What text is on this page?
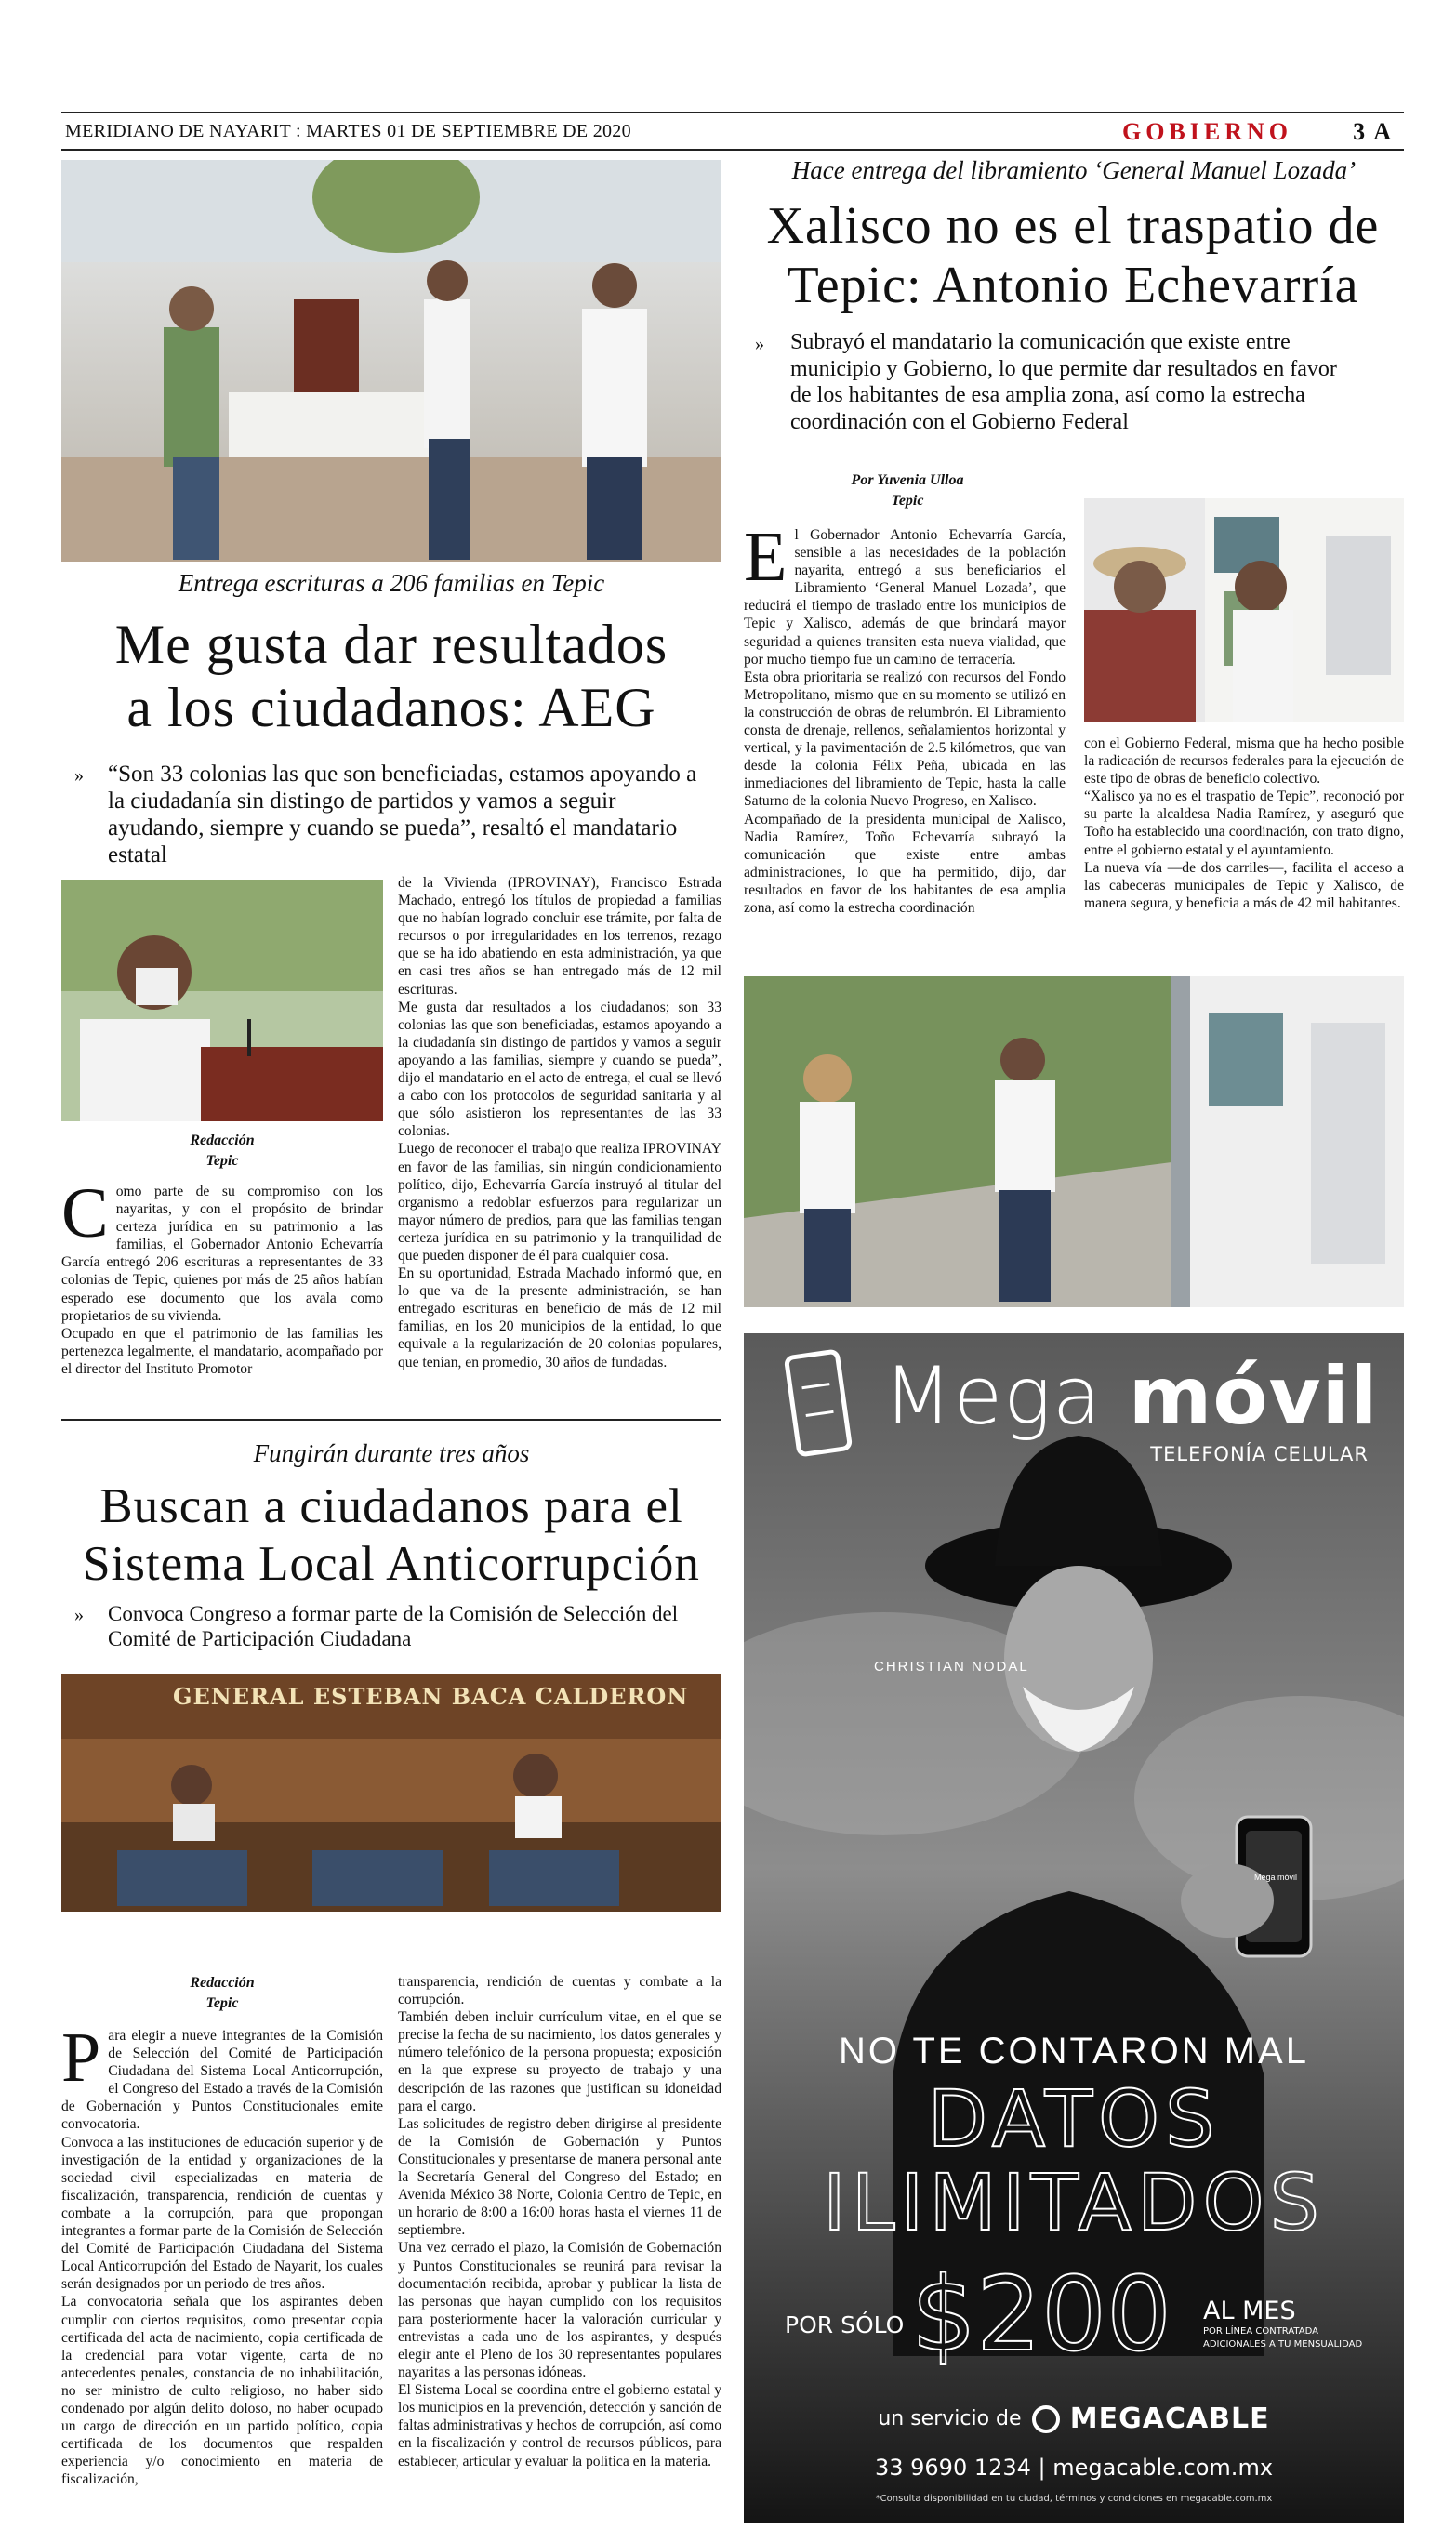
MERIDIANO DE NAYARIT : MARTES 01 DE SEPTIEMBRE DE 2020	GOBIERNO	3 A
Entrega escrituras a 206 familias en Tepic
Me gusta dar resultados
a los ciudadanos: AEG
» “Son 33 colonias las que son beneficiadas, estamos apoyando a la ciudadanía sin distingo de partidos y vamos a seguir ayudando, siempre y cuando se pueda”, resaltó el mandatario estatal
Redacción
Tepic
C omo parte de su compromiso con los nayaritas, y con el propósito de brindar certeza jurídica en su patrimonio a las familias, el Gobernador Antonio Echevarría García entregó 206 escrituras a representantes de 33 colonias de Tepic, quienes por más de 25 años habían esperado ese documento que los avala como propietarios de su vivienda.
Ocupado en que el patrimonio de las familias les pertenezca legalmente, el mandatario, acompañado por el director del Instituto Promotor
de la Vivienda (IPROVINAY), Francisco Estrada Machado, entregó los títulos de propiedad a familias que no habían logrado concluir ese trámite, por falta de recursos o por irregularidades en los terrenos, rezago que se ha ido abatiendo en esta administración, ya que en casi tres años se han entregado más de 12 mil escrituras.
Me gusta dar resultados a los ciudadanos; son 33 colonias las que son beneficiadas, estamos apoyando a la ciudadanía sin distingo de partidos y vamos a seguir apoyando a las familias, siempre y cuando se pueda”, dijo el mandatario en el acto de entrega, el cual se llevó a cabo con los protocolos de seguridad sanitaria y al que sólo asistieron los representantes de las 33 colonias.
Luego de reconocer el trabajo que realiza IPROVINAY en favor de las familias, sin ningún condicionamiento político, dijo, Echevarría García instruyó al titular del organismo a redoblar esfuerzos para regularizar un mayor número de predios, para que las familias tengan certeza jurídica en su patrimonio y la tranquilidad de que pueden disponer de él para cualquier cosa.
En su oportunidad, Estrada Machado informó que, en lo que va de la presente administración, se han entregado escrituras en beneficio de más de 12 mil familias, en los 20 municipios de la entidad, lo que equivale a la regularización de 20 colonias populares, que tenían, en promedio, 30 años de fundadas.
Fungirán durante tres años
Buscan a ciudadanos para el
Sistema Local Anticorrupción
» Convoca Congreso a formar parte de la Comisión de Selección del Comité de Participación Ciudadana
GENERAL ESTEBAN BACA CALDERON
Redacción
Tepic
P ara elegir a nueve integrantes de la Comisión de Selección del Comité de Participación Ciudadana del Sistema Local Anticorrupción, el Congreso del Estado a través de la Comisión de Gobernación y Puntos Constitucionales emite convocatoria.
Convoca a las instituciones de educación superior y de investigación de la entidad y organizaciones de la sociedad civil especializadas en materia de fiscalización, transparencia, rendición de cuentas y combate a la corrupción, para que propongan integrantes a formar parte de la Comisión de Selección del Comité de Participación Ciudadana del Sistema Local Anticorrupción del Estado de Nayarit, los cuales serán designados por un periodo de tres años.
La convocatoria señala que los aspirantes deben cumplir con ciertos requisitos, como presentar copia certificada del acta de nacimiento, copia certificada de la credencial para votar vigente, carta de no antecedentes penales, constancia de no inhabilitación, no ser ministro de culto religioso, no haber sido condenado por algún delito doloso, no haber ocupado un cargo de dirección en un partido político, copia certificada de los documentos que respalden experiencia y/o conocimiento en materia de fiscalización,
transparencia, rendición de cuentas y combate a la corrupción.
También deben incluir currículum vitae, en el que se precise la fecha de su nacimiento, los datos generales y número telefónico de la persona propuesta; exposición en la que exprese su proyecto de trabajo y una descripción de las razones que justifican su idoneidad para el cargo.
Las solicitudes de registro deben dirigirse al presidente de la Comisión de Gobernación y Puntos Constitucionales y presentarse de manera personal ante la Secretaría General del Congreso del Estado; en Avenida México 38 Norte, Colonia Centro de Tepic, en un horario de 8:00 a 16:00 horas hasta el viernes 11 de septiembre.
Una vez cerrado el plazo, la Comisión de Gobernación y Puntos Constitucionales se reunirá para revisar la documentación recibida, aprobar y publicar la lista de las personas que hayan cumplido con los requisitos para posteriormente hacer la valoración curricular y entrevistas a cada uno de los aspirantes, y después elegir ante el Pleno de los 30 representantes populares nayaritas a las personas idóneas.
El Sistema Local se coordina entre el gobierno estatal y los municipios en la prevención, detección y sanción de faltas administrativas y hechos de corrupción, así como en la fiscalización y control de recursos públicos, para establecer, articular y evaluar la política en la materia.
Hace entrega del libramiento ‘General Manuel Lozada’
Xalisco no es el traspatio de
Tepic: Antonio Echevarría
» Subrayó el mandatario la comunicación que existe entre municipio y Gobierno, lo que permite dar resultados en favor de los habitantes de esa amplia zona, así como la estrecha coordinación con el Gobierno Federal
Por Yuvenia Ulloa
Tepic
E l Gobernador Antonio Echevarría García, sensible a las necesidades de la población nayarita, entregó a sus beneficiarios el Libramiento ‘General Manuel Lozada’, que reducirá el tiempo de traslado entre los municipios de Tepic y Xalisco, además de que brindará mayor seguridad a quienes transiten esta nueva vialidad, que por mucho tiempo fue un camino de terracería.
Esta obra prioritaria se realizó con recursos del Fondo Metropolitano, mismo que en su momento se utilizó en la construcción de obras de relumbrón. El Libramiento consta de drenaje, rellenos, señalamientos horizontal y vertical, y la pavimentación de 2.5 kilómetros, que van desde la colonia Félix Peña, ubicada en las inmediaciones del libramiento de Tepic, hasta la calle Saturno de la colonia Nuevo Progreso, en Xalisco.
Acompañado de la presidenta municipal de Xalisco, Nadia Ramírez, Toño Echevarría subrayó la comunicación que existe entre ambas administraciones, lo que ha permitido, dijo, dar resultados en favor de los habitantes de esa amplia zona, así como la estrecha coordinación
con el Gobierno Federal, misma que ha hecho posible la radicación de recursos federales para la ejecución de este tipo de obras de beneficio colectivo.
“Xalisco ya no es el traspatio de Tepic”, reconoció por su parte la alcaldesa Nadia Ramírez, y aseguró que Toño ha establecido una coordinación, con trato digno, entre el gobierno estatal y el ayuntamiento.
La nueva vía —de dos carriles—, facilita el acceso a las cabeceras municipales de Tepic y Xalisco, de manera segura, y beneficia a más de 42 mil habitantes.
Mega móvil
TELEFONÍA CELULAR
CHRISTIAN NODAL
Mega móvil
NO TE CONTARON MAL
DATOS
ILIMITADOS
POR SÓLO $200 AL MES
POR LÍNEA CONTRATADA
ADICIONALES A TU MENSUALIDAD
un servicio de MEGACABLE
33 9690 1234 | megacable.com.mx
*Consulta disponibilidad en tu ciudad, términos y condiciones en megacable.com.mx
